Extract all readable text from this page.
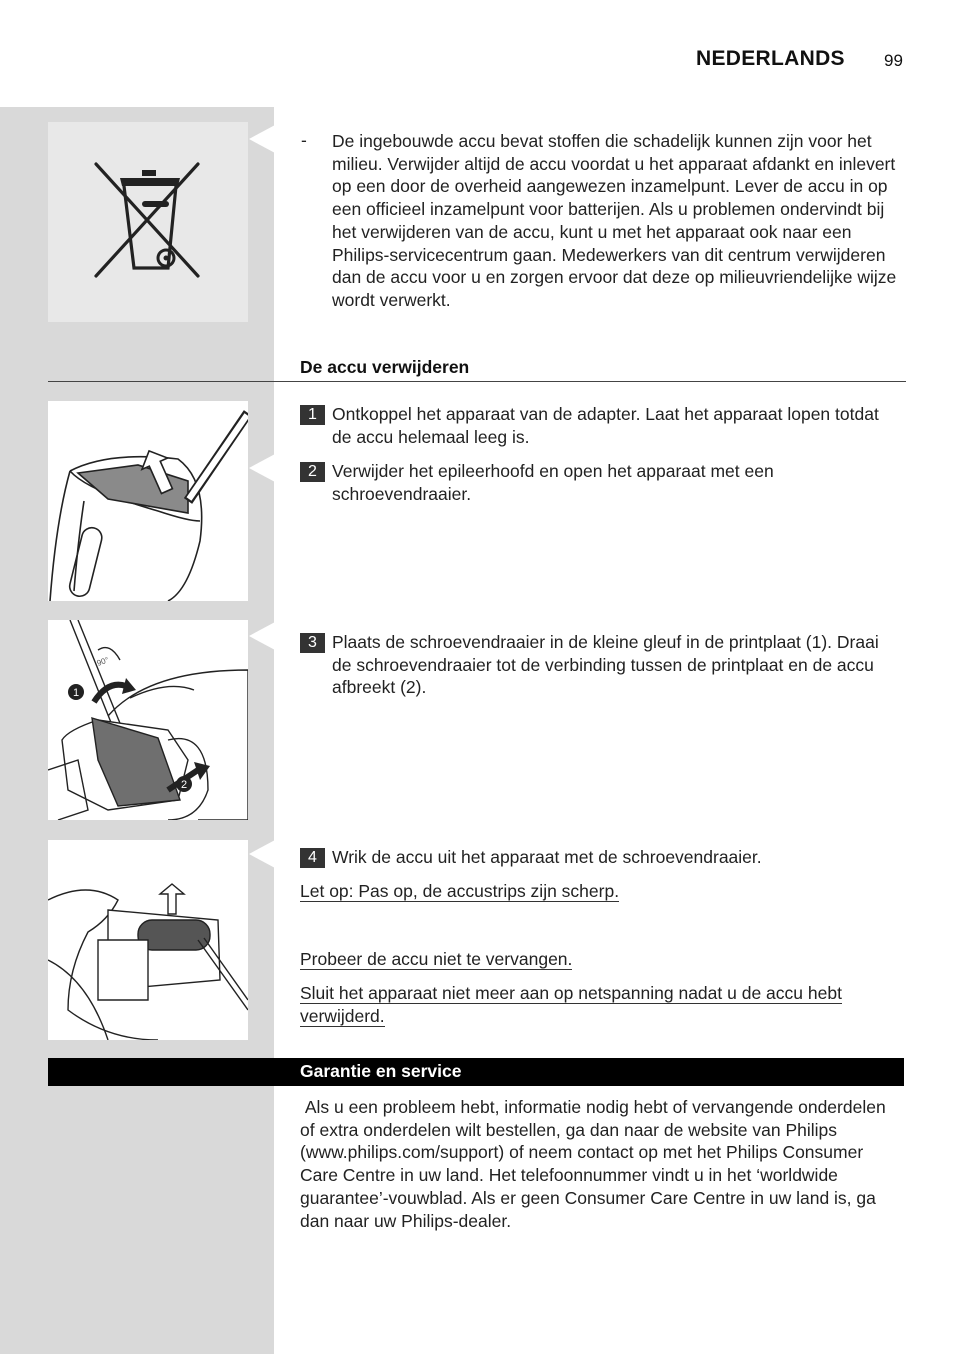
NEDERLANDS 99
- De ingebouwde accu bevat stoffen die schadelijk kunnen zijn voor het milieu. Verwijder altijd de accu voordat u het apparaat afdankt en inlevert op een door de overheid aangewezen inzamelpunt. Lever de accu in op een officieel inzamelpunt voor batterijen. Als u problemen ondervindt bij het verwijderen van de accu, kunt u met het apparaat ook naar een Philips-servicecentrum gaan. Medewerkers van dit centrum verwijderen dan de accu voor u en zorgen ervoor dat deze op milieuvriendelijke wijze wordt verwerkt.
De accu verwijderen
1 Ontkoppel het apparaat van de adapter. Laat het apparaat lopen totdat de accu helemaal leeg is.
2 Verwijder het epileerhoofd en open het apparaat met een schroevendraaier.
90°
1
2
3 Plaats de schroevendraaier in de kleine gleuf in de printplaat (1). Draai de schroevendraaier tot de verbinding tussen de printplaat en de accu afbreekt (2).
4 Wrik de accu uit het apparaat met de schroevendraaier.
Let op: Pas op, de accustrips zijn scherp.
Probeer de accu niet te vervangen.
Sluit het apparaat niet meer aan op netspanning nadat u de accu hebt verwijderd.
Garantie en service
Als u een probleem hebt, informatie nodig hebt of vervangende onderdelen of extra onderdelen wilt bestellen, ga dan naar de website van Philips (www.philips.com/support) of neem contact op met het Philips Consumer Care Centre in uw land. Het telefoonnummer vindt u in het ‘worldwide guarantee’-vouwblad. Als er geen Consumer Care Centre in uw land is, ga dan naar uw Philips-dealer.
